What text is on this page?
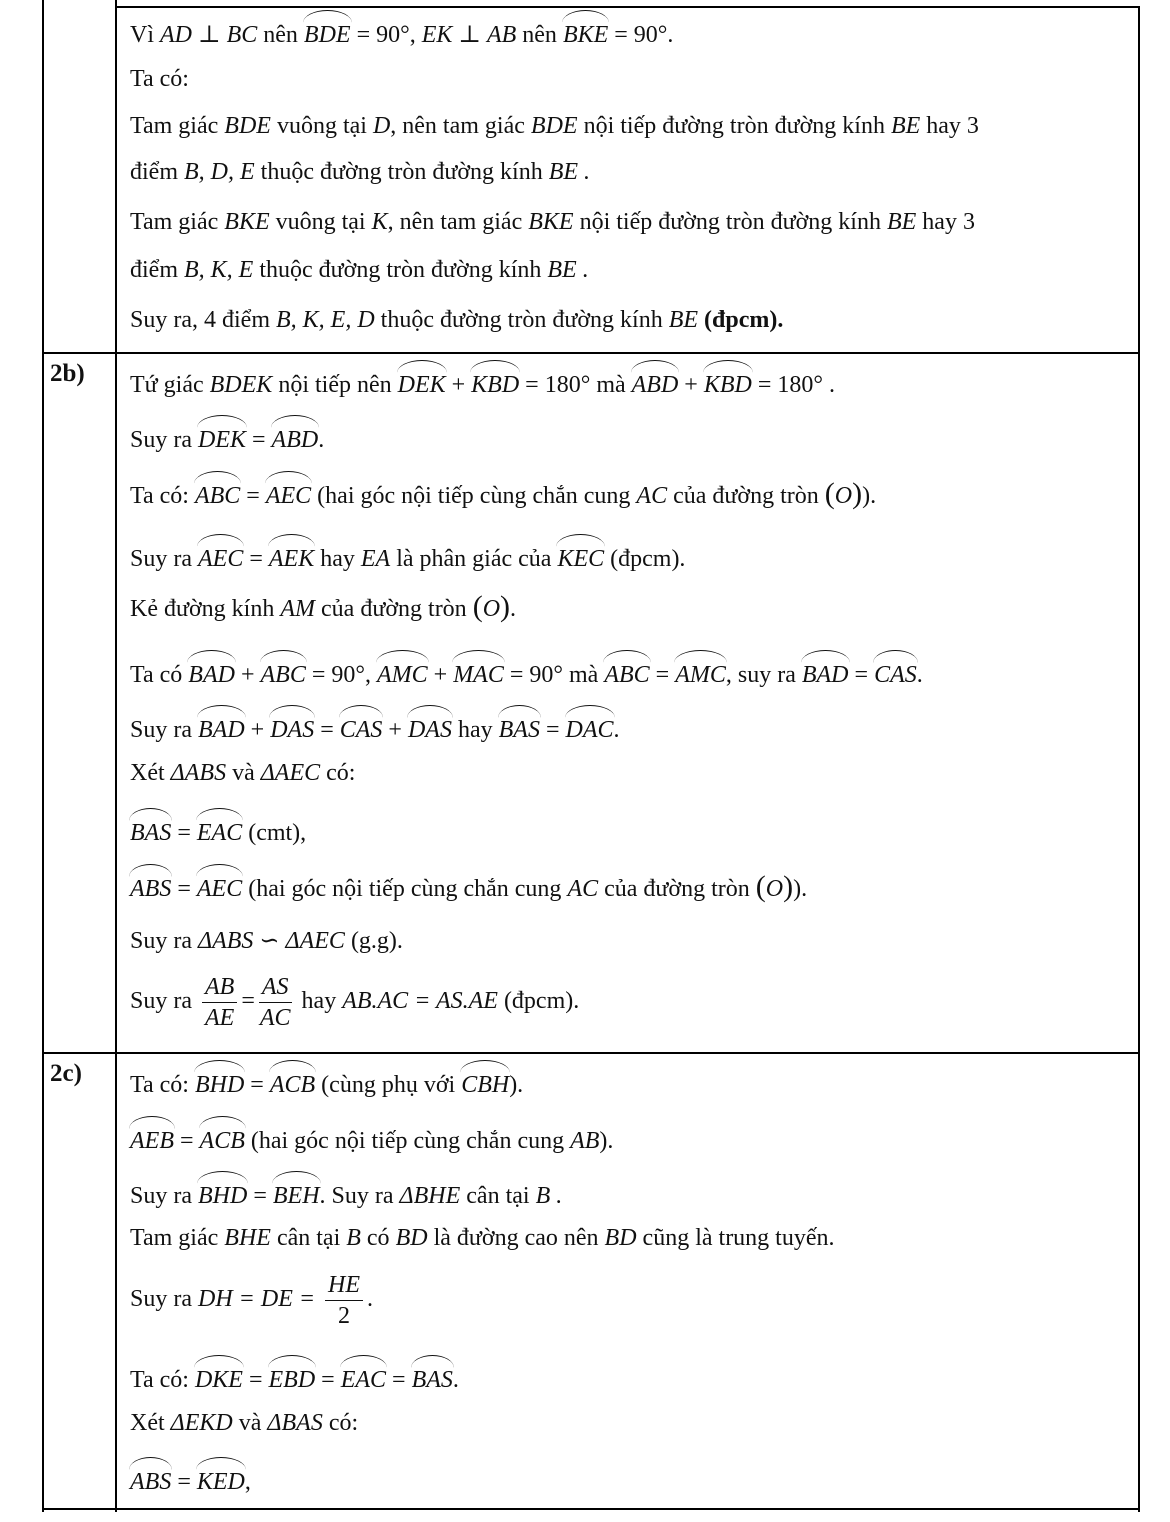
2b)
2c)
Vì AD ⊥ BC nên BDE = 90°, EK ⊥ AB nên BKE = 90°.
Ta có:
Tam giác BDE vuông tại D, nên tam giác BDE nội tiếp đường tròn đường kính BE hay 3
điểm B, D, E thuộc đường tròn đường kính BE .
Tam giác BKE vuông tại K, nên tam giác BKE nội tiếp đường tròn đường kính BE hay 3
điểm B, K, E thuộc đường tròn đường kính BE .
Suy ra, 4 điểm B, K, E, D thuộc đường tròn đường kính BE (đpcm).
Tứ giác BDEK nội tiếp nên DEK + KBD = 180° mà ABD + KBD = 180° .
Suy ra DEK = ABD.
Ta có: ABC = AEC (hai góc nội tiếp cùng chắn cung AC của đường tròn (O)).
Suy ra AEC = AEK hay EA là phân giác của KEC (đpcm).
Kẻ đường kính AM của đường tròn (O).
Ta có BAD + ABC = 90°, AMC + MAC = 90° mà ABC = AMC, suy ra BAD = CAS.
Suy ra BAD + DAS = CAS + DAS hay BAS = DAC.
Xét ΔABS và ΔAEC có:
BAS = EAC (cmt),
ABS = AEC (hai góc nội tiếp cùng chắn cung AC của đường tròn (O)).
Suy ra ΔABS ∽ ΔAEC (g.g).
Suy ra $\frac{AB}{AE} = \frac{AS}{AC}$ hay AB.AC = AS.AE (đpcm).
Ta có: BHD = ACB (cùng phụ với CBH).
AEB = ACB (hai góc nội tiếp cùng chắn cung AB).
Suy ra BHD = BEH. Suy ra ΔBHE cân tại B .
Tam giác BHE cân tại B có BD là đường cao nên BD cũng là trung tuyến.
Suy ra DH = DE = $\frac{HE}{2}$ .
Ta có: DKE = EBD = EAC = BAS.
Xét ΔEKD và ΔBAS có:
ABS = KED,
